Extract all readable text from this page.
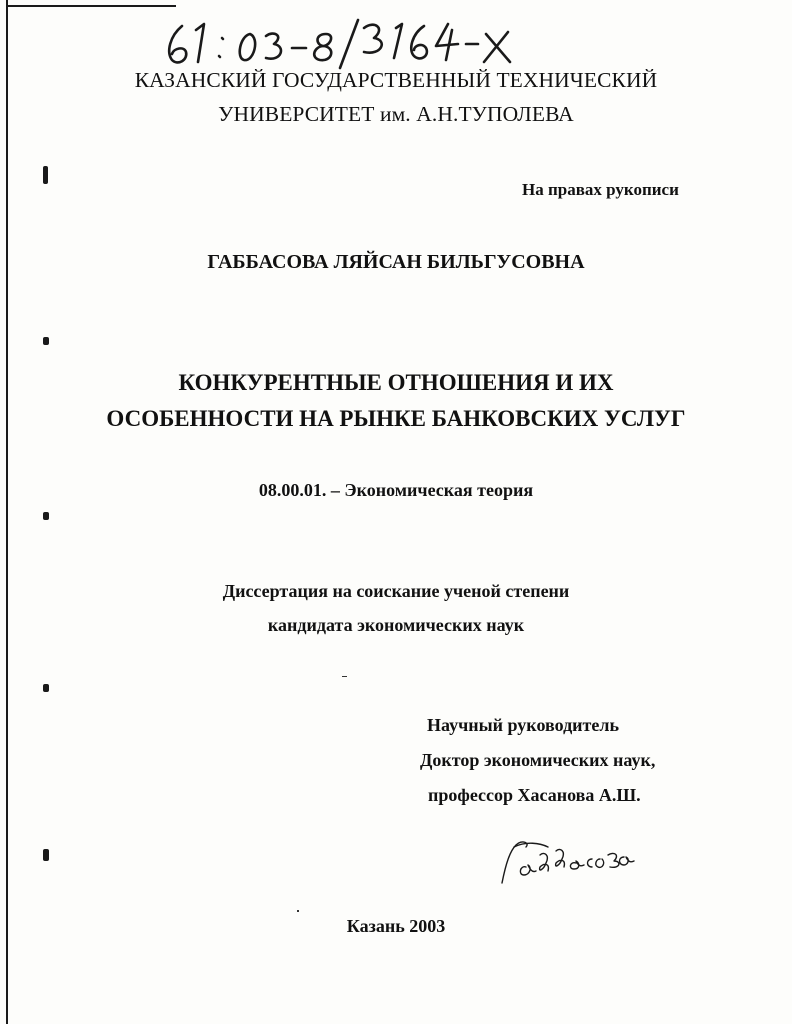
КАЗАНСКИЙ ГОСУДАРСТВЕННЫЙ ТЕХНИЧЕСКИЙ
УНИВЕРСИТЕТ им. А.Н.ТУПОЛЕВА
На правах рукописи
ГАББАСОВА ЛЯЙСАН БИЛЬГУСОВНА
КОНКУРЕНТНЫЕ ОТНОШЕНИЯ И ИХ
ОСОБЕННОСТИ НА РЫНКЕ БАНКОВСКИХ УСЛУГ
08.00.01. – Экономическая теория
Диссертация на соискание ученой степени
кандидата экономических наук
Научный руководитель
Доктор экономических наук,
профессор Хасанова А.Ш.
Казань 2003
